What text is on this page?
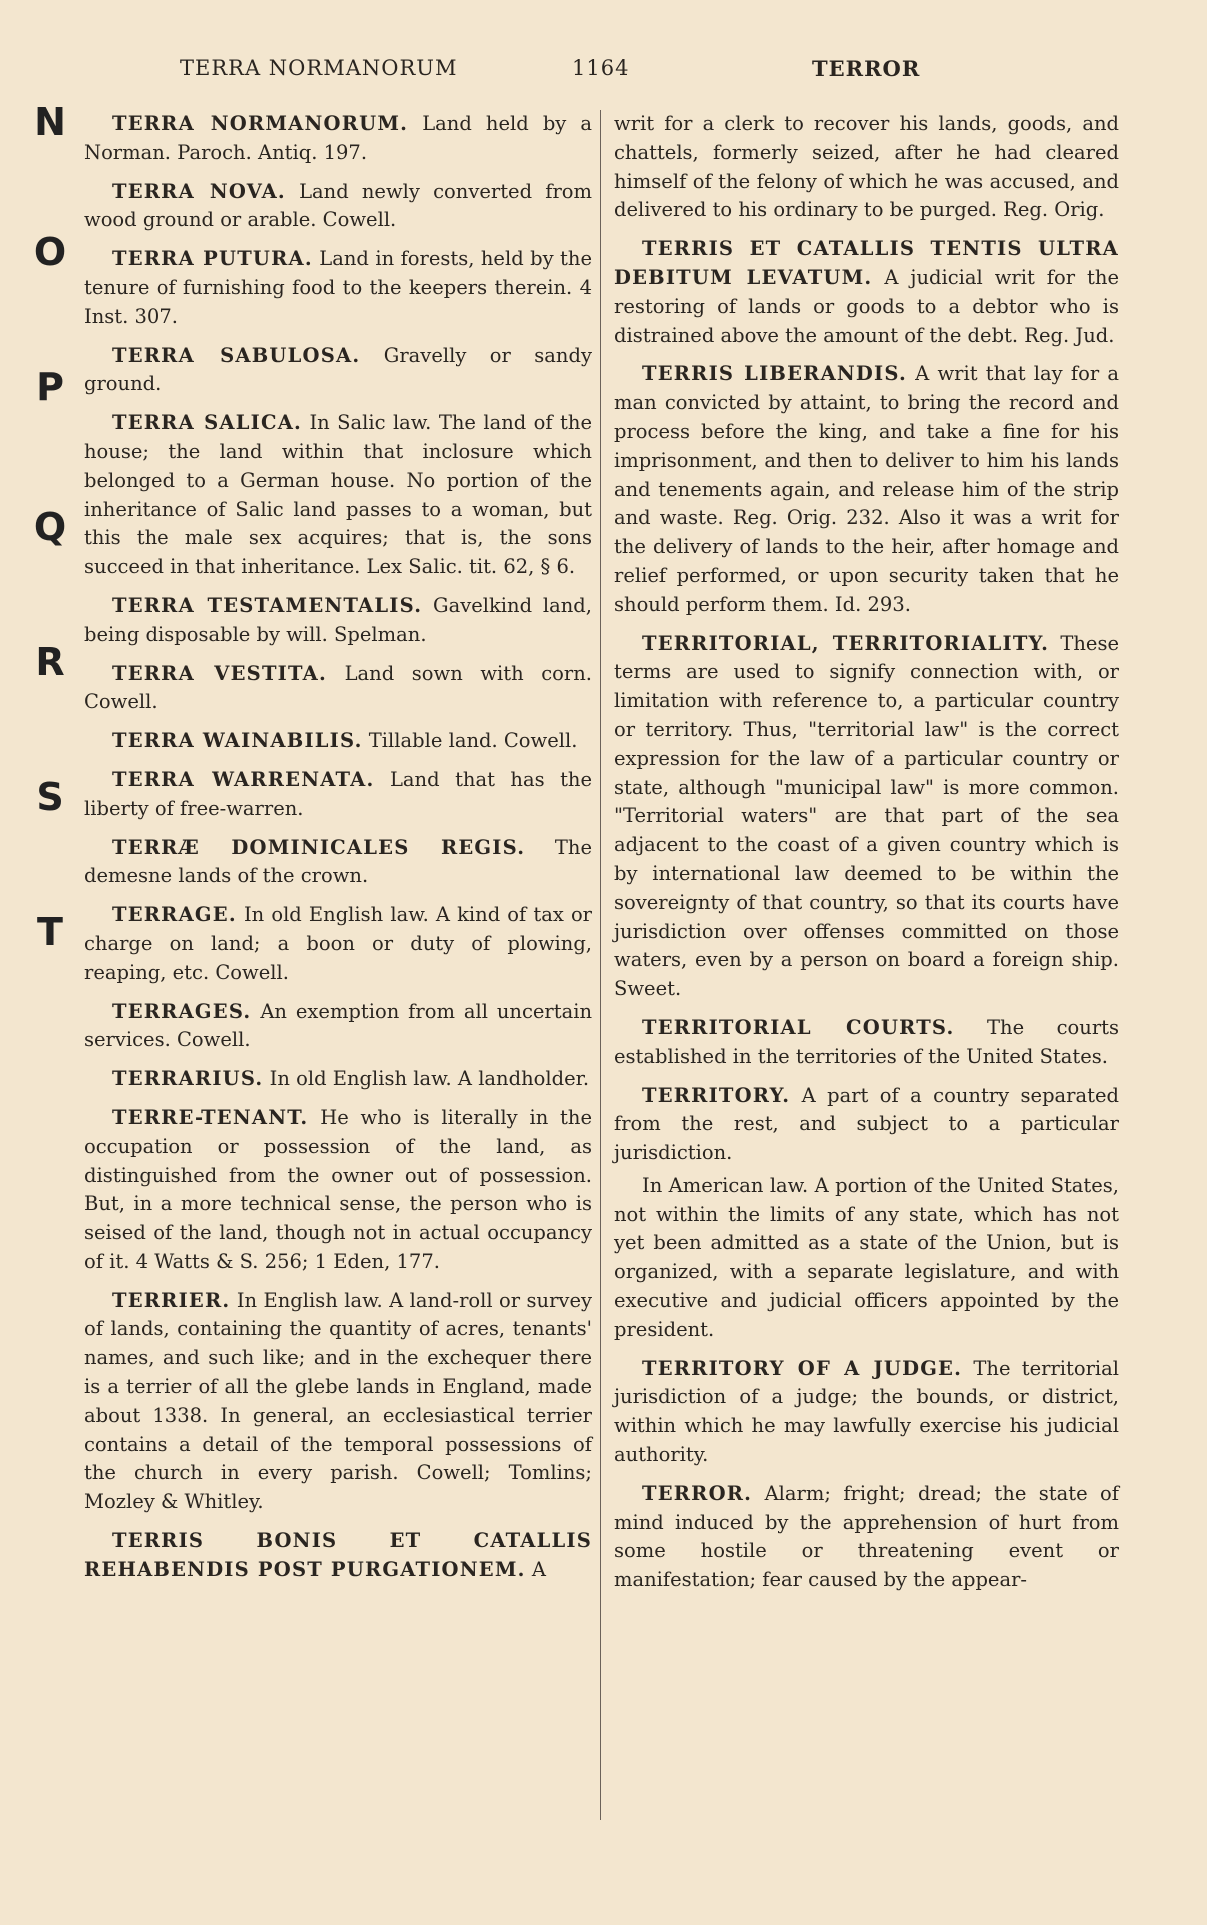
TERRA NORMANORUM	1164	TERROR
N
O
P
Q
R
S
T

TERRA NORMANORUM. Land held by a Norman. Paroch. Antiq. 197.

TERRA NOVA. Land newly converted from wood ground or arable. Cowell.

TERRA PUTURA. Land in forests, held by the tenure of furnishing food to the keepers therein. 4 Inst. 307.

TERRA SABULOSA. Gravelly or sandy ground.

TERRA SALICA. In Salic law. The land of the house; the land within that inclosure which belonged to a German house. No portion of the inheritance of Salic land passes to a woman, but this the male sex acquires; that is, the sons succeed in that inheritance. Lex Salic. tit. 62, § 6.

TERRA TESTAMENTALIS. Gavelkind land, being disposable by will. Spelman.

TERRA VESTITA. Land sown with corn. Cowell.

TERRA WAINABILIS. Tillable land. Cowell.

TERRA WARRENATA. Land that has the liberty of free-warren.

TERRÆ DOMINICALES REGIS. The demesne lands of the crown.

TERRAGE. In old English law. A kind of tax or charge on land; a boon or duty of plowing, reaping, etc. Cowell.

TERRAGES. An exemption from all uncertain services. Cowell.

TERRARIUS. In old English law. A landholder.

TERRE-TENANT. He who is literally in the occupation or possession of the land, as distinguished from the owner out of possession. But, in a more technical sense, the person who is seised of the land, though not in actual occupancy of it. 4 Watts & S. 256; 1 Eden, 177.

TERRIER. In English law. A land-roll or survey of lands, containing the quantity of acres, tenants' names, and such like; and in the exchequer there is a terrier of all the glebe lands in England, made about 1338. In general, an ecclesiastical terrier contains a detail of the temporal possessions of the church in every parish. Cowell; Tomlins; Mozley & Whitley.

TERRIS BONIS ET CATALLIS REHABENDIS POST PURGATIONEM. A

writ for a clerk to recover his lands, goods, and chattels, formerly seized, after he had cleared himself of the felony of which he was accused, and delivered to his ordinary to be purged. Reg. Orig.

TERRIS ET CATALLIS TENTIS ULTRA DEBITUM LEVATUM. A judicial writ for the restoring of lands or goods to a debtor who is distrained above the amount of the debt. Reg. Jud.

TERRIS LIBERANDIS. A writ that lay for a man convicted by attaint, to bring the record and process before the king, and take a fine for his imprisonment, and then to deliver to him his lands and tenements again, and release him of the strip and waste. Reg. Orig. 232. Also it was a writ for the delivery of lands to the heir, after homage and relief performed, or upon security taken that he should perform them. Id. 293.

TERRITORIAL, TERRITORIALITY. These terms are used to signify connection with, or limitation with reference to, a particular country or territory. Thus, "territorial law" is the correct expression for the law of a particular country or state, although "municipal law" is more common. "Territorial waters" are that part of the sea adjacent to the coast of a given country which is by international law deemed to be within the sovereignty of that country, so that its courts have jurisdiction over offenses committed on those waters, even by a person on board a foreign ship. Sweet.

TERRITORIAL COURTS. The courts established in the territories of the United States.

TERRITORY. A part of a country separated from the rest, and subject to a particular jurisdiction.

In American law. A portion of the United States, not within the limits of any state, which has not yet been admitted as a state of the Union, but is organized, with a separate legislature, and with executive and judicial officers appointed by the president.

TERRITORY OF A JUDGE. The territorial jurisdiction of a judge; the bounds, or district, within which he may lawfully exercise his judicial authority.

TERROR. Alarm; fright; dread; the state of mind induced by the apprehension of hurt from some hostile or threatening event or manifestation; fear caused by the appear-
